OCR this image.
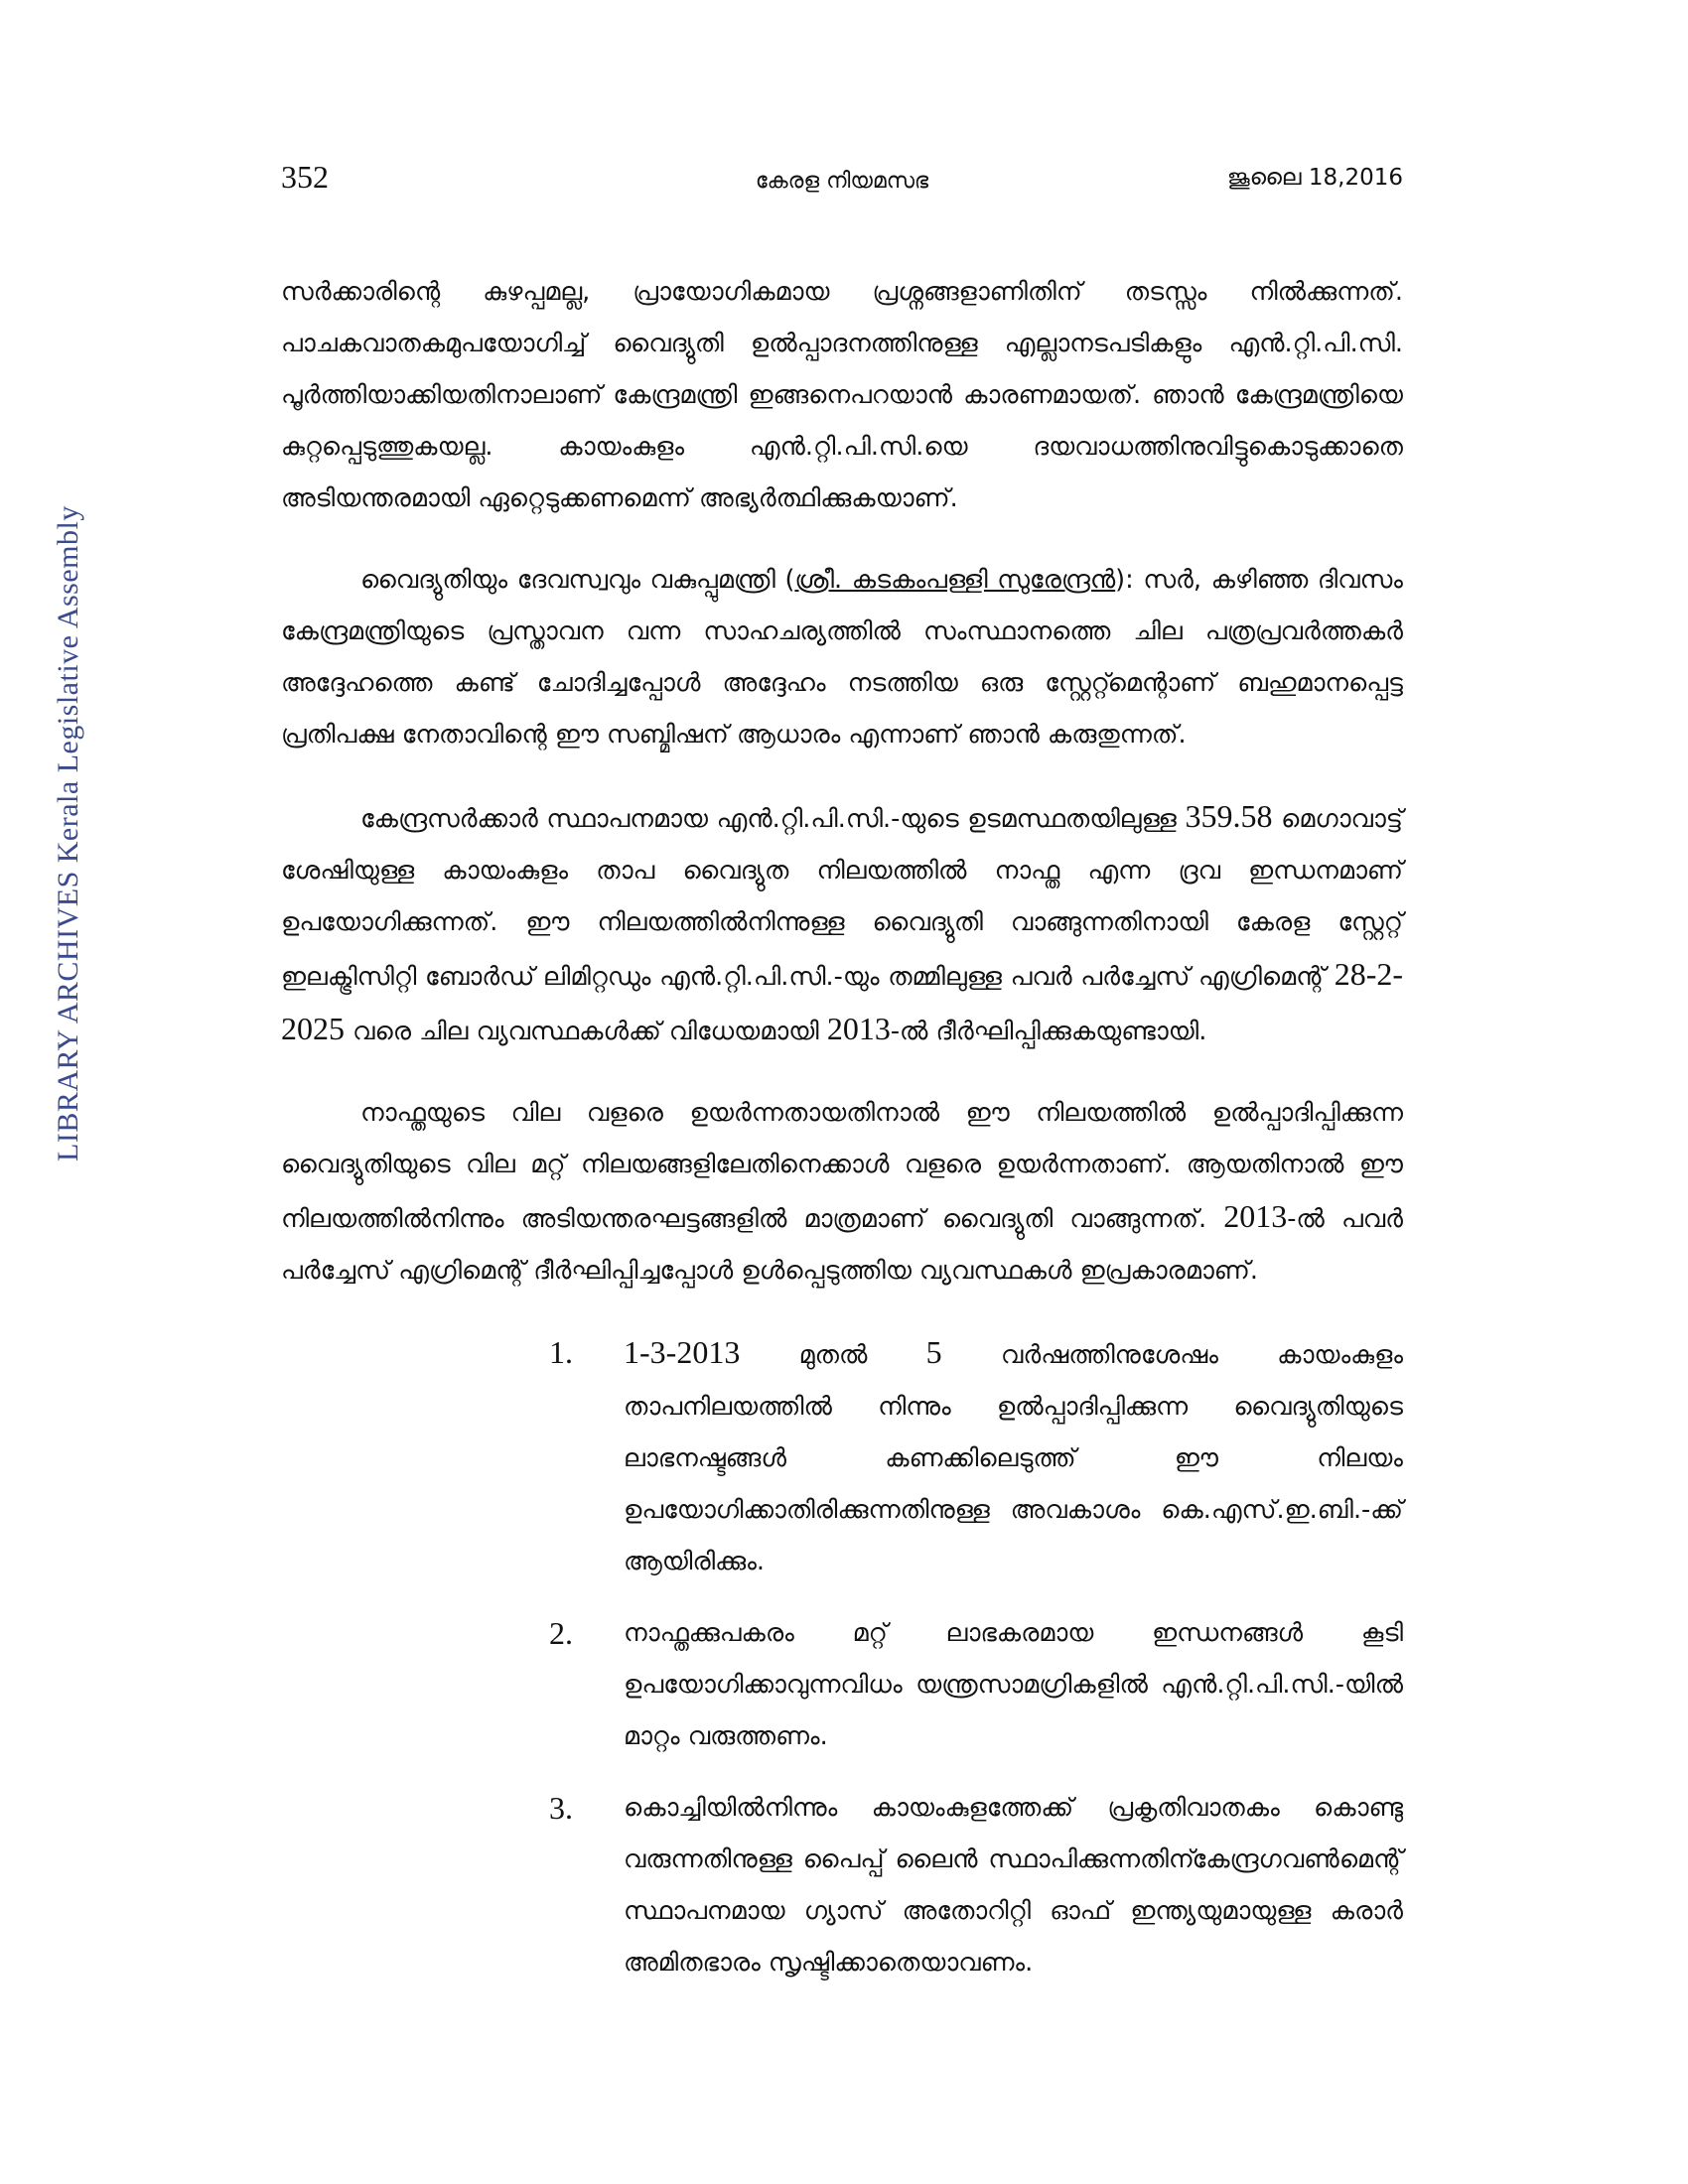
LIBRARY ARCHIVES Kerala Legislative Assembly
352	കേരള നിയമസഭ	ജൂലൈ 18,2016

സർക്കാരിന്റെ കുഴപ്പമല്ല, പ്രായോഗികമായ പ്രശ്നങ്ങളാണിതിന് തടസ്സം നിൽക്കുന്നത്. പാചകവാതകമുപയോഗിച്ച് വൈദ്യുതി ഉൽപ്പാദനത്തിനുള്ള എല്ലാനടപടികളും എൻ.റ്റി.പി.സി. പൂർത്തിയാക്കിയതിനാലാണ് കേന്ദ്രമന്ത്രി ഇങ്ങനെപറയാൻ കാരണമായത്. ഞാൻ കേന്ദ്രമന്ത്രിയെ കുറ്റപ്പെടുത്തുകയല്ല. കായംകുളം എൻ.റ്റി.പി.സി.യെ ദയവാധത്തിനുവിട്ടുകൊടുക്കാതെ അടിയന്തരമായി ഏറ്റെടുക്കണമെന്ന് അഭ്യർത്ഥിക്കുകയാണ്.

വൈദ്യുതിയും ദേവസ്വവും വകുപ്പുമന്ത്രി (ശ്രീ. കടകംപള്ളി സുരേന്ദ്രൻ): സർ, കഴിഞ്ഞ ദിവസം കേന്ദ്രമന്ത്രിയുടെ പ്രസ്താവന വന്ന സാഹചര്യത്തിൽ സംസ്ഥാനത്തെ ചില പത്രപ്രവർത്തകർ അദ്ദേഹത്തെ കണ്ട് ചോദിച്ചപ്പോൾ അദ്ദേഹം നടത്തിയ ഒരു സ്റ്റേറ്റ്മെന്റാണ് ബഹുമാനപ്പെട്ട പ്രതിപക്ഷ നേതാവിന്റെ ഈ സബ്മിഷന് ആധാരം എന്നാണ് ഞാൻ കരുതുന്നത്.

കേന്ദ്രസർക്കാർ സ്ഥാപനമായ എൻ.റ്റി.പി.സി.-യുടെ ഉടമസ്ഥതയിലുള്ള 359.58 മെഗാവാട്ട് ശേഷിയുള്ള കായംകുളം താപ വൈദ്യുത നിലയത്തിൽ നാഫ്ത എന്ന ദ്രവ ഇന്ധനമാണ് ഉപയോഗിക്കുന്നത്. ഈ നിലയത്തിൽനിന്നുള്ള വൈദ്യുതി വാങ്ങുന്നതിനായി കേരള സ്റ്റേറ്റ് ഇലക്ട്രിസിറ്റി ബോർഡ് ലിമിറ്റഡും എൻ.റ്റി.പി.സി.-യും തമ്മിലുള്ള പവർ പർച്ചേസ് എഗ്രിമെന്റ് 28-2-2025 വരെ ചില വ്യവസ്ഥകൾക്ക് വിധേയമായി 2013-ൽ ദീർഘിപ്പിക്കുകയുണ്ടായി.

നാഫ്തയുടെ വില വളരെ ഉയർന്നതായതിനാൽ ഈ നിലയത്തിൽ ഉൽപ്പാദിപ്പിക്കുന്ന വൈദ്യുതിയുടെ വില മറ്റ് നിലയങ്ങളിലേതിനെക്കാൾ വളരെ ഉയർന്നതാണ്. ആയതിനാൽ ഈ നിലയത്തിൽനിന്നും അടിയന്തരഘട്ടങ്ങളിൽ മാത്രമാണ് വൈദ്യുതി വാങ്ങുന്നത്. 2013-ൽ പവർ പർച്ചേസ് എഗ്രിമെന്റ് ദീർഘിപ്പിച്ചപ്പോൾ ഉൾപ്പെടുത്തിയ വ്യവസ്ഥകൾ ഇപ്രകാരമാണ്.

1. 1-3-2013 മുതൽ 5 വർഷത്തിനുശേഷം കായംകുളം താപനിലയത്തിൽ നിന്നും ഉൽപ്പാദിപ്പിക്കുന്ന വൈദ്യുതിയുടെ ലാഭനഷ്ടങ്ങൾ കണക്കിലെടുത്ത് ഈ നിലയം ഉപയോഗിക്കാതിരിക്കുന്നതിനുള്ള അവകാശം കെ.എസ്.ഇ.ബി.-ക്ക് ആയിരിക്കും.
2. നാഫ്തക്കുപകരം മറ്റ് ലാഭകരമായ ഇന്ധനങ്ങൾ കൂടി ഉപയോഗിക്കാവുന്നവിധം യന്ത്രസാമഗ്രികളിൽ എൻ.റ്റി.പി.സി.-യിൽ മാറ്റം വരുത്തണം.
3. കൊച്ചിയിൽനിന്നും കായംകുളത്തേക്ക് പ്രകൃതിവാതകം കൊണ്ടു വരുന്നതിനുള്ള പൈപ്പ് ലൈൻ സ്ഥാപിക്കുന്നതിന്കേന്ദ്രഗവൺമെന്റ് സ്ഥാപനമായ ഗ്യാസ് അതോറിറ്റി ഓഫ് ഇന്ത്യയുമായുള്ള കരാർ അമിതഭാരം സൃഷ്ടിക്കാതെയാവണം.
